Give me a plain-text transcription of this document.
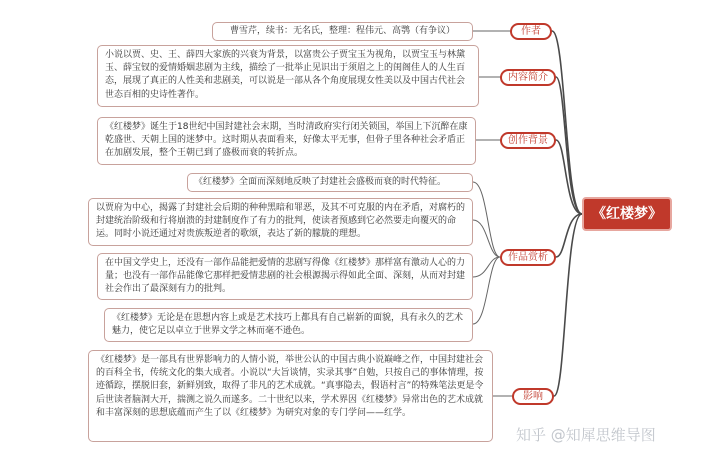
曹雪芹，续书：无名氏，整理：程伟元、高鹗（有争议）
小说以贾、史、王、薛四大家族的兴衰为背景，以富贵公子贾宝玉为视角，以贾宝玉与林黛玉、薛宝钗的爱情婚姻悲剧为主线，描绘了一批举止见识出于须眉之上的闺阁佳人的人生百态，展现了真正的人性美和悲剧美，可以说是一部从各个角度展现女性美以及中国古代社会世态百相的史诗性著作。
《红楼梦》诞生于18世纪中国封建社会末期，当时清政府实行闭关锁国，举国上下沉醉在康乾盛世、天朝上国的迷梦中。这时期从表面看来，好像太平无事，但骨子里各种社会矛盾正在加剧发展，整个王朝已到了盛极而衰的转折点。
《红楼梦》全面而深刻地反映了封建社会盛极而衰的时代特征。
以贾府为中心，揭露了封建社会后期的种种黑暗和罪恶，及其不可克服的内在矛盾，对腐朽的封建统治阶级和行将崩溃的封建制度作了有力的批判，使读者预感到它必然要走向覆灭的命运。同时小说还通过对贵族叛逆者的歌颂，表达了新的朦胧的理想。
在中国文学史上，还没有一部作品能把爱情的悲剧写得像《红楼梦》那样富有激动人心的力量；也没有一部作品能像它那样把爱情悲剧的社会根源揭示得如此全面、深刻，从而对封建社会作出了最深刻有力的批判。
《红楼梦》无论是在思想内容上或是艺术技巧上都具有自己崭新的面貌，具有永久的艺术魅力，使它足以卓立于世界文学之林而毫不逊色。
《红楼梦》是一部具有世界影响力的人情小说，举世公认的中国古典小说巅峰之作，中国封建社会的百科全书，传统文化的集大成者。小说以“大旨谈情，实录其事”自勉，只按自己的事体情理，按迹循踪，摆脱旧套，新鲜别致，取得了非凡的艺术成就。“真事隐去，假语村言”的特殊笔法更是令后世读者脑洞大开，揣测之说久而遂多。二十世纪以来，学术界因《红楼梦》异常出色的艺术成就和丰富深刻的思想底蕴而产生了以《红楼梦》为研究对象的专门学问——红学。
作者
内容简介
创作背景
作品赏析
影响
《红楼梦》
知乎 @知犀思维导图
